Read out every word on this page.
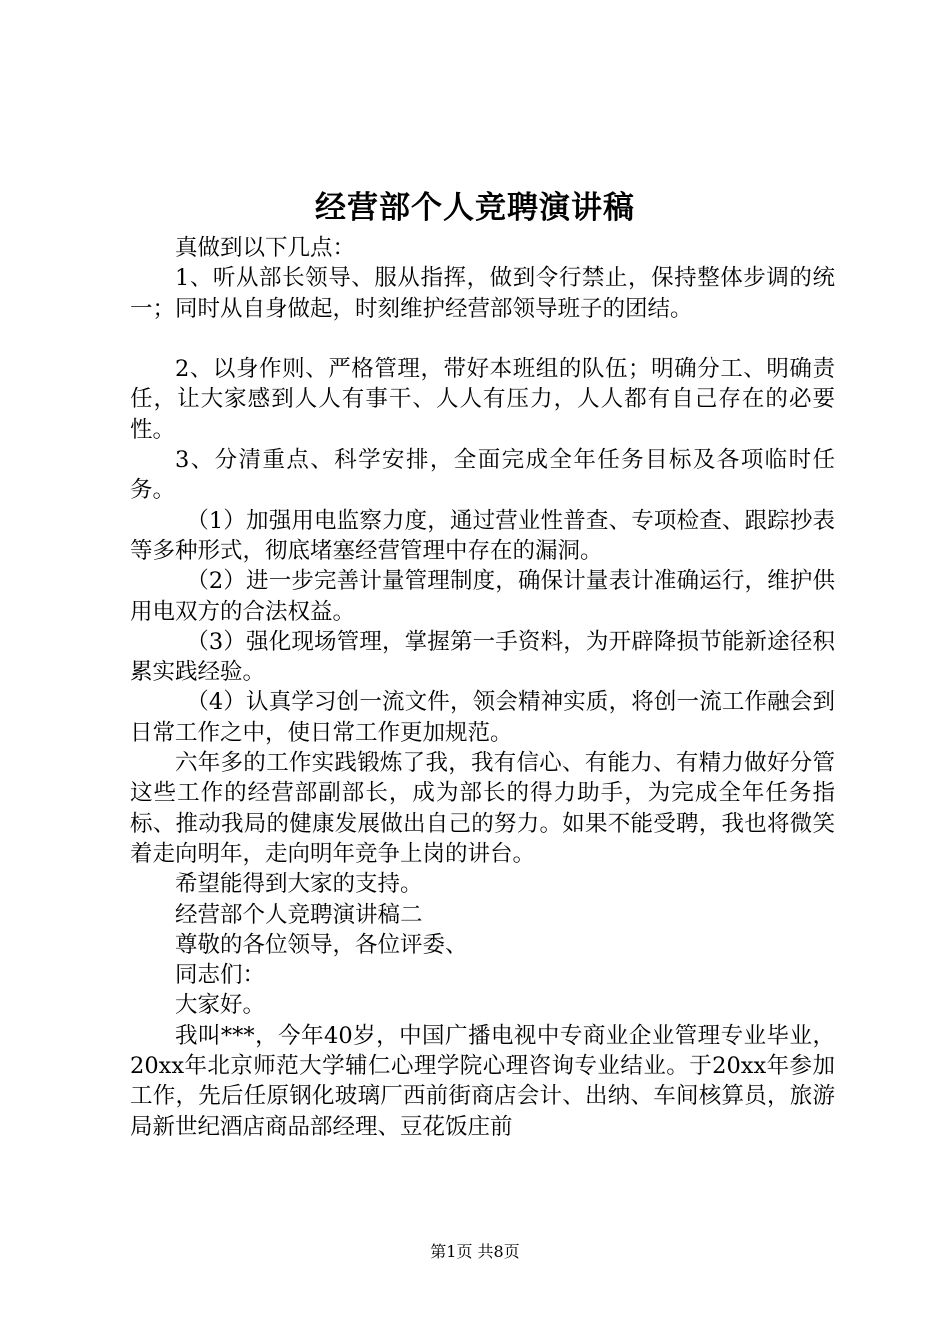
经营部个人竞聘演讲稿

真做到以下几点：

1、听从部长领导、服从指挥，做到令行禁止，保持整体步调的统一；同时从自身做起，时刻维护经营部领导班子的团结。

2、以身作则、严格管理，带好本班组的队伍；明确分工、明确责任，让大家感到人人有事干、人人有压力，人人都有自己存在的必要性。

3、分清重点、科学安排，全面完成全年任务目标及各项临时任务。

（1）加强用电监察力度，通过营业性普查、专项检查、跟踪抄表等多种形式，彻底堵塞经营管理中存在的漏洞。

（2）进一步完善计量管理制度，确保计量表计准确运行，维护供用电双方的合法权益。

（3）强化现场管理，掌握第一手资料，为开辟降损节能新途径积累实践经验。

（4）认真学习创一流文件，领会精神实质，将创一流工作融会到日常工作之中，使日常工作更加规范。

六年多的工作实践锻炼了我，我有信心、有能力、有精力做好分管这些工作的经营部副部长，成为部长的得力助手，为完成全年任务指标、推动我局的健康发展做出自己的努力。如果不能受聘，我也将微笑着走向明年，走向明年竞争上岗的讲台。

希望能得到大家的支持。

经营部个人竞聘演讲稿二

尊敬的各位领导，各位评委、

同志们：

大家好。

我叫***，今年40岁，中国广播电视中专商业企业管理专业毕业，20xx年北京师范大学辅仁心理学院心理咨询专业结业。于20xx年参加工作，先后任原钢化玻璃厂西前街商店会计、出纳、车间核算员，旅游局新世纪酒店商品部经理、豆花饭庄前

第1页 共8页
